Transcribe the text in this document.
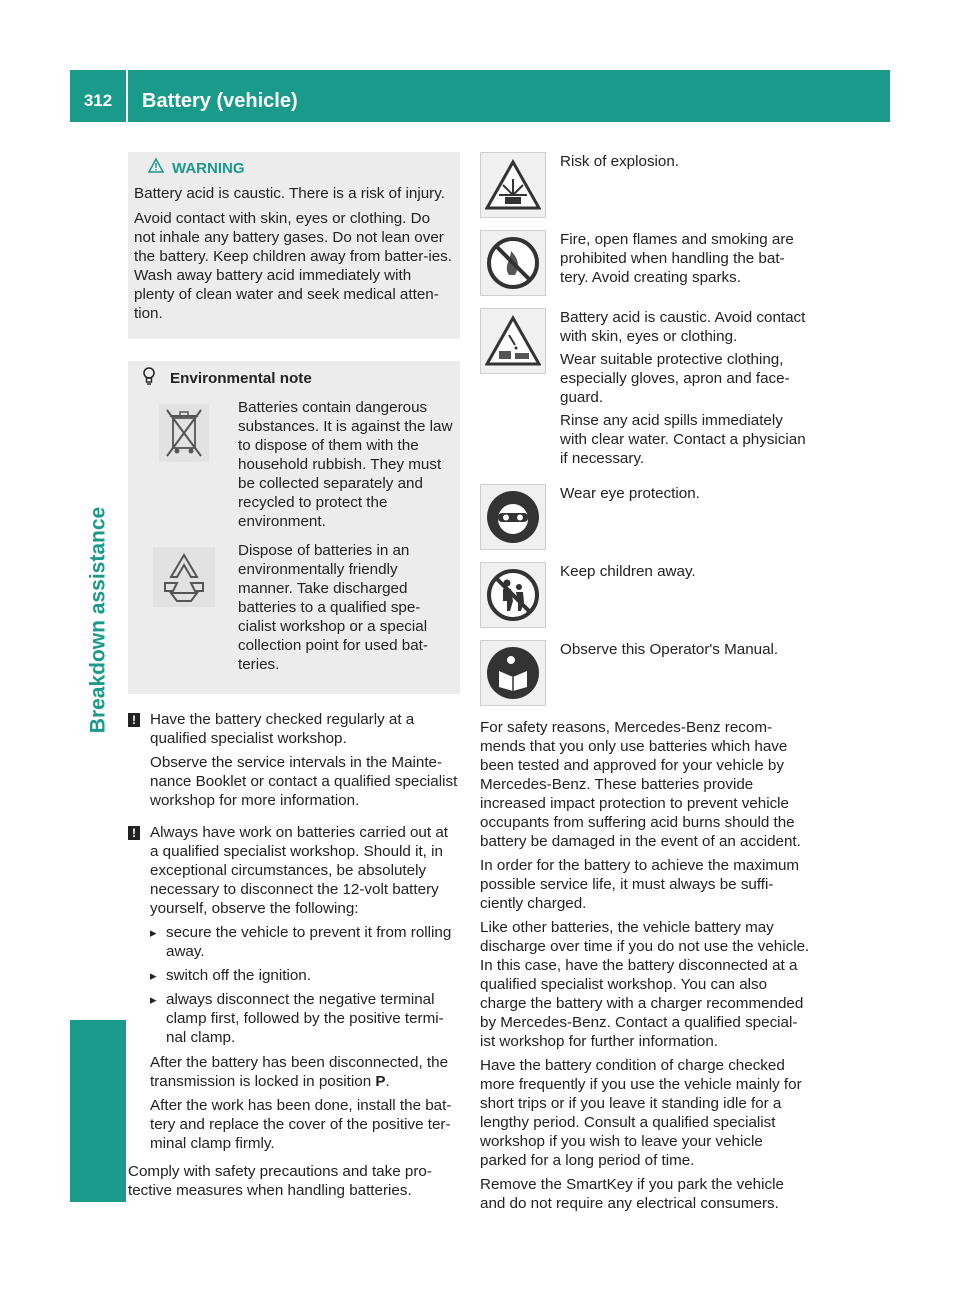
312	Battery (vehicle)
Breakdown assistance
WARNING

Battery acid is caustic. There is a risk of injury.

Avoid contact with skin, eyes or clothing. Do not inhale any battery gases. Do not lean over the battery. Keep children away from batter-ies. Wash away battery acid immediately with plenty of clean water and seek medical atten-tion.

Environmental note
Batteries contain dangerous substances. It is against the law to dispose of them with the household rubbish. They must be collected separately and recycled to protect the environment.
Dispose of batteries in an environmentally friendly manner. Take discharged batteries to a qualified spe-cialist workshop or a special collection point for used bat-teries.
! Have the battery checked regularly at a qualified specialist workshop.

Observe the service intervals in the Mainte-nance Booklet or contact a qualified specialist workshop for more information.

! Always have work on batteries carried out at a qualified specialist workshop. Should it, in exceptional circumstances, be absolutely necessary to disconnect the 12-volt battery yourself, observe the following:

▸ secure the vehicle to prevent it from rolling away.
▸ switch off the ignition.
▸ always disconnect the negative terminal clamp first, followed by the positive termi-nal clamp.

After the battery has been disconnected, the transmission is locked in position P.

After the work has been done, install the bat-tery and replace the cover of the positive ter-minal clamp firmly.

Comply with safety precautions and take pro-tective measures when handling batteries.

Risk of explosion.

Fire, open flames and smoking are prohibited when handling the bat-tery. Avoid creating sparks.

Battery acid is caustic. Avoid contact with skin, eyes or clothing.

Wear suitable protective clothing, especially gloves, apron and face-guard.

Rinse any acid spills immediately with clear water. Contact a physician if necessary.

Wear eye protection.

Keep children away.

Observe this Operator's Manual.

For safety reasons, Mercedes-Benz recom-mends that you only use batteries which have been tested and approved for your vehicle by Mercedes-Benz. These batteries provide increased impact protection to prevent vehicle occupants from suffering acid burns should the battery be damaged in the event of an accident.

In order for the battery to achieve the maximum possible service life, it must always be suffi-ciently charged.

Like other batteries, the vehicle battery may discharge over time if you do not use the vehicle. In this case, have the battery disconnected at a qualified specialist workshop. You can also charge the battery with a charger recommended by Mercedes-Benz. Contact a qualified special-ist workshop for further information.

Have the battery condition of charge checked more frequently if you use the vehicle mainly for short trips or if you leave it standing idle for a lengthy period. Consult a qualified specialist workshop if you wish to leave your vehicle parked for a long period of time.

Remove the SmartKey if you park the vehicle and do not require any electrical consumers.
